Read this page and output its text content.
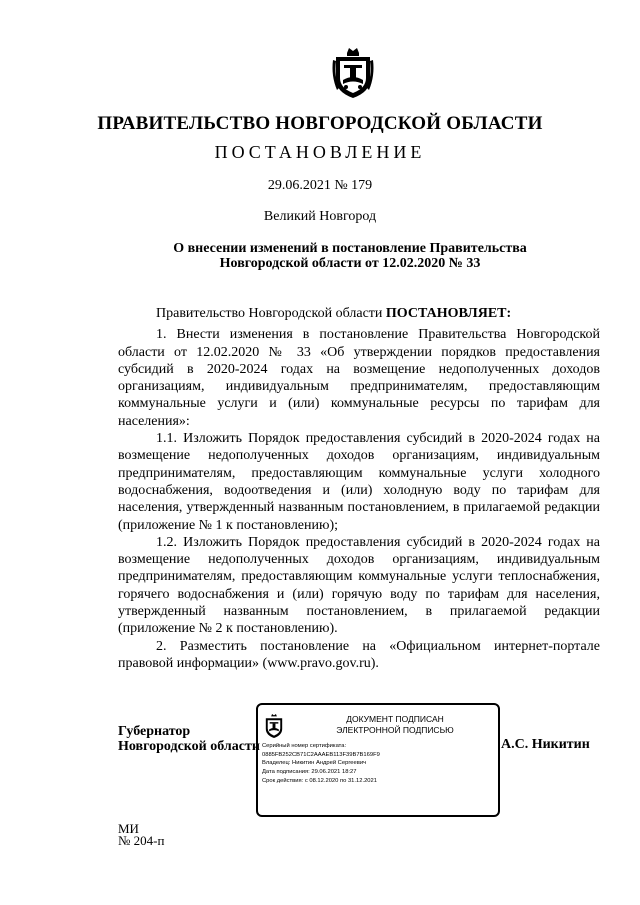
ПРАВИТЕЛЬСТВО НОВГОРОДСКОЙ ОБЛАСТИ
ПОСТАНОВЛЕНИЕ
29.06.2021 № 179
Великий Новгород
О внесении изменений в постановление Правительства Новгородской области от 12.02.2020 № 33

Правительство Новгородской области ПОСТАНОВЛЯЕТ:

1. Внести изменения в постановление Правительства Новгородской области от 12.02.2020 № 33 «Об утверждении порядков предоставления субсидий в 2020-2024 годах на возмещение недополученных доходов организациям, индивидуальным предпринимателям, предоставляющим коммунальные услуги и (или) коммунальные ресурсы по тарифам для населения»:

1.1. Изложить Порядок предоставления субсидий в 2020-2024 годах на возмещение недополученных доходов организациям, индивидуальным предпринимателям, предоставляющим коммунальные услуги холодного водоснабжения, водоотведения и (или) холодную воду по тарифам для населения, утвержденный названным постановлением, в прилагаемой редакции (приложение № 1 к постановлению);

1.2. Изложить Порядок предоставления субсидий в 2020-2024 годах на возмещение недополученных доходов организациям, индивидуальным предпринимателям, предоставляющим коммунальные услуги теплоснабжения, горячего водоснабжения и (или) горячую воду по тарифам для населения, утвержденный названным постановлением, в прилагаемой редакции (приложение № 2 к постановлению).

2. Разместить постановление на «Официальном интернет-портале правовой информации» (www.pravo.gov.ru).

Губернатор
Новгородской области
ДОКУМЕНТ ПОДПИСАН
ЭЛЕКТРОННОЙ ПОДПИСЬЮ
Серийный номер сертификата:
0885FB252CB71C2AAAEB113F39B7B169F9
Владелец: Никитин Андрей Сергеевич
Дата подписания: 29.06.2021 18:27
Срок действия: с 08.12.2020 по 31.12.2021
А.С. Никитин
МИ
№ 204-п
